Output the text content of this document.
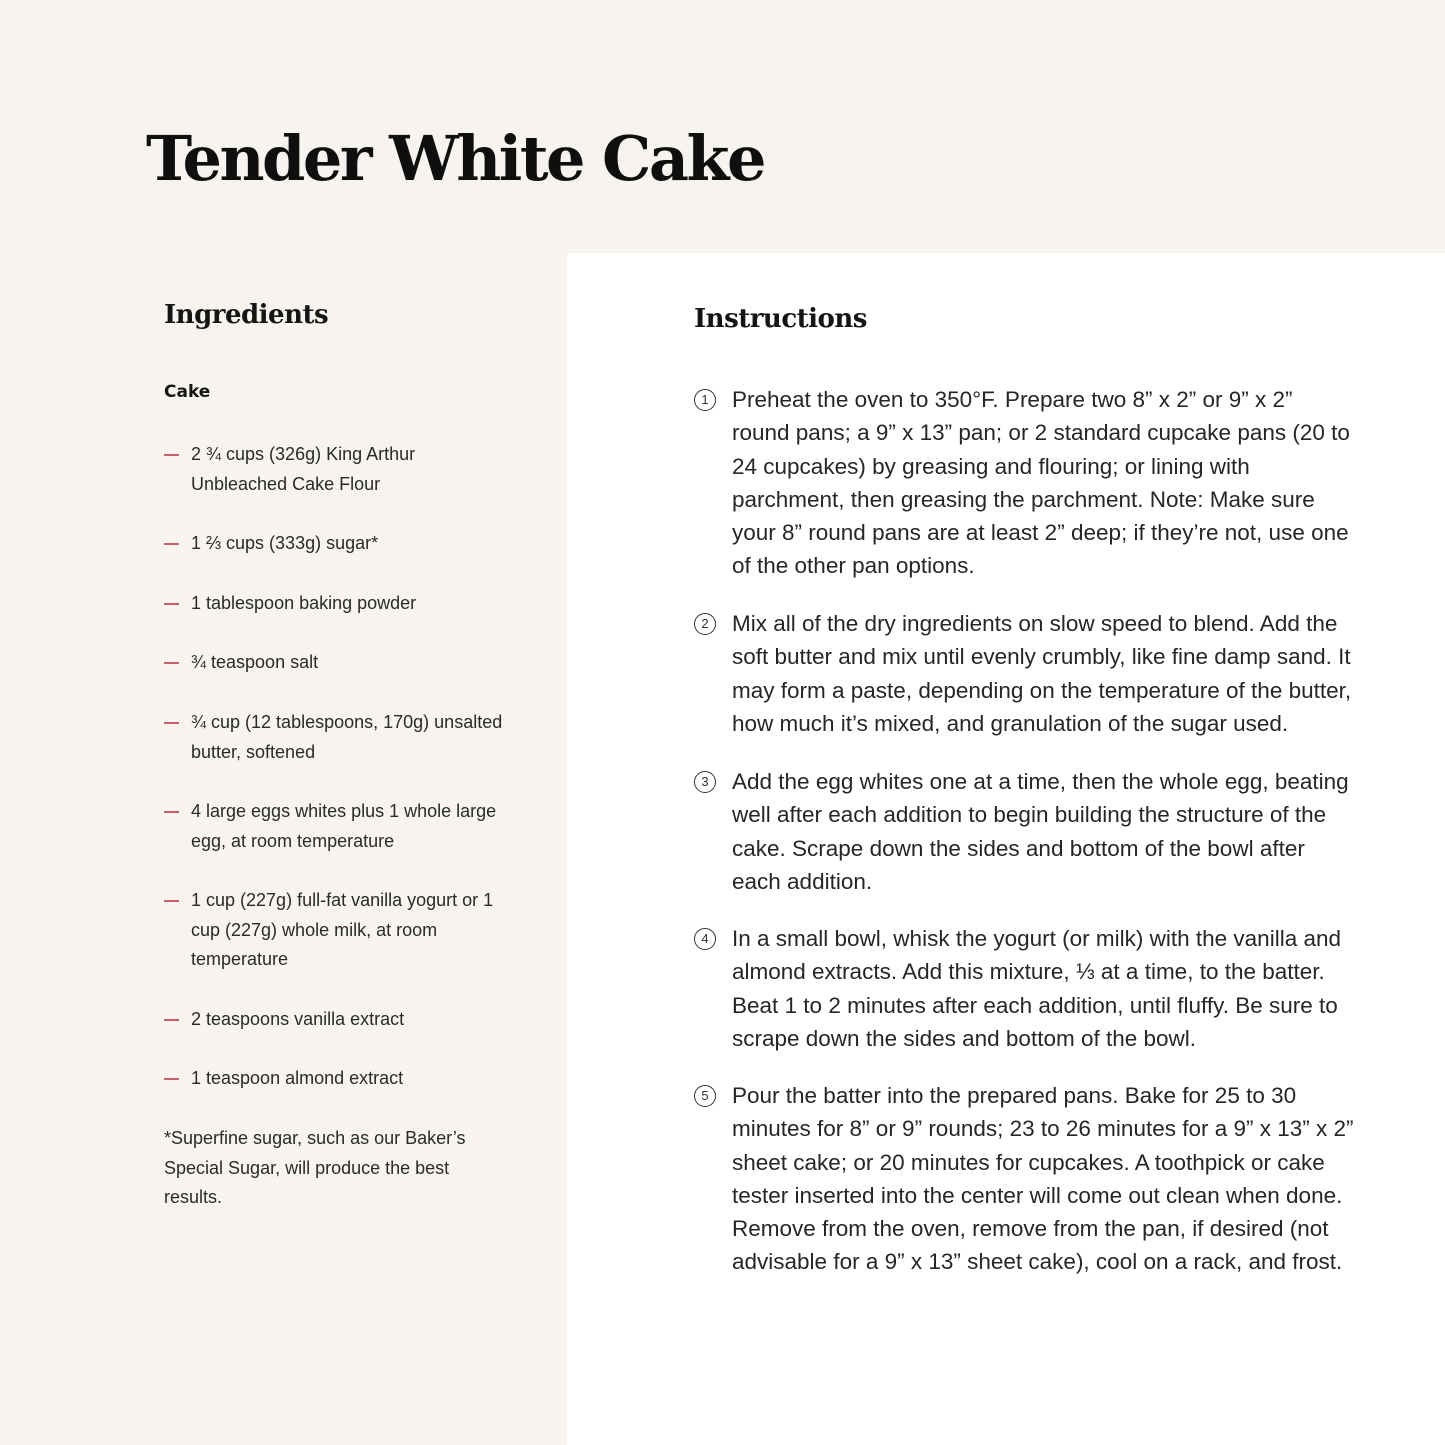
Tender White Cake
Ingredients
Cake
2 ¾ cups (326g) King Arthur Unbleached Cake Flour
1 ⅔ cups (333g) sugar*
1 tablespoon baking powder
¾ teaspoon salt
¾ cup (12 tablespoons, 170g) unsalted butter, softened
4 large eggs whites plus 1 whole large egg, at room temperature
1 cup (227g) full-fat vanilla yogurt or 1 cup (227g) whole milk, at room temperature
2 teaspoons vanilla extract
1 teaspoon almond extract

*Superfine sugar, such as our Baker’s Special Sugar, will produce the best results.

Instructions
1	Preheat the oven to 350°F. Prepare two 8” x 2” or 9” x 2” round pans; a 9” x 13” pan; or 2 standard cupcake pans (20 to 24 cupcakes) by greasing and flouring; or lining with parchment, then greasing the parchment. Note: Make sure your 8” round pans are at least 2” deep; if they’re not, use one of the other pan options.
2	Mix all of the dry ingredients on slow speed to blend. Add the soft butter and mix until evenly crumbly, like fine damp sand. It may form a paste, depending on the temperature of the butter, how much it’s mixed, and granulation of the sugar used.
3	Add the egg whites one at a time, then the whole egg, beating well after each addition to begin building the structure of the cake. Scrape down the sides and bottom of the bowl after each addition.
4	In a small bowl, whisk the yogurt (or milk) with the vanilla and almond extracts. Add this mixture, ⅓ at a time, to the batter. Beat 1 to 2 minutes after each addition, until fluffy. Be sure to scrape down the sides and bottom of the bowl.
5	Pour the batter into the prepared pans. Bake for 25 to 30 minutes for 8” or 9” rounds; 23 to 26 minutes for a 9” x 13” x 2” sheet cake; or 20 minutes for cupcakes. A toothpick or cake tester inserted into the center will come out clean when done. Remove from the oven, remove from the pan, if desired (not advisable for a 9” x 13” sheet cake), cool on a rack, and frost.
